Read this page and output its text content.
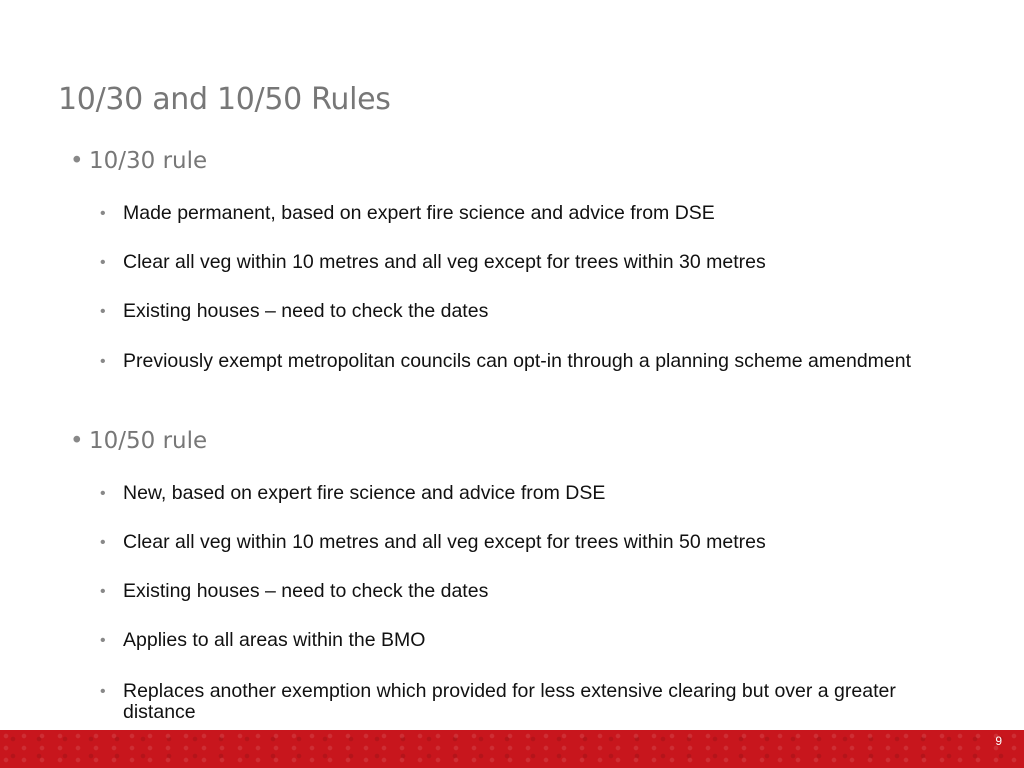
10/30 and 10/50 Rules
• 10/30 rule
• Made permanent, based on expert fire science and advice from DSE
• Clear all veg within 10 metres and all veg except for trees within 30 metres
• Existing houses – need to check the dates
• Previously exempt metropolitan councils can opt-in through a planning scheme amendment
• 10/50 rule
• New, based on expert fire science and advice from DSE
• Clear all veg within 10 metres and all veg except for trees within 50 metres
• Existing houses – need to check the dates
• Applies to all areas within the BMO
• Replaces another exemption which provided for less extensive clearing but over a greater distance
9
